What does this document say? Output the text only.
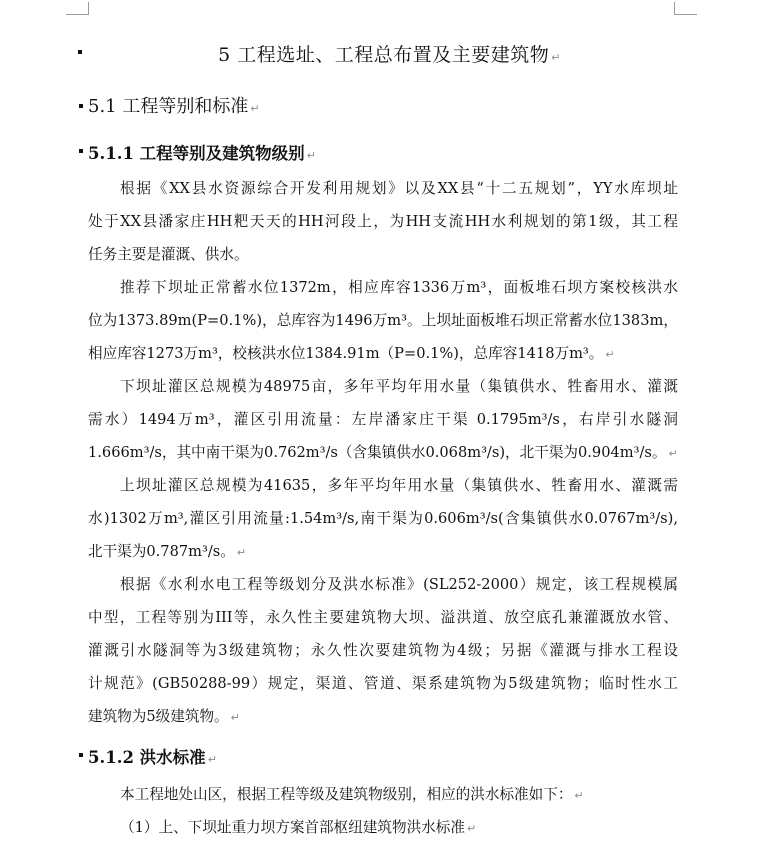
5 工程选址、工程总布置及主要建筑物 ↵
5.1 工程等别和标准 ↵
5.1.1 工程等别及建筑物级别 ↵
根据《XX县水资源综合开发利用规划》以及XX县“十二五规划”，YY水库坝址
处于XX县潘家庄HH粑天天的HH河段上，为HH支流HH水利规划的第1级，其工程
任务主要是灌溉、供水。
推荐下坝址正常蓄水位1372m，相应库容1336万m³，面板堆石坝方案校核洪水
位为1373.89m(P=0.1%)，总库容为1496万m³。上坝址面板堆石坝正常蓄水位1383m，
相应库容1273万m³，校核洪水位1384.91m（P=0.1%)，总库容1418万m³。 ↵
下坝址灌区总规模为48975亩，多年平均年用水量（集镇供水、牲畜用水、灌溉
需水）1494万m³，灌区引用流量：左岸潘家庄干渠 0.1795m³/s，右岸引水隧洞
1.666m³/s，其中南干渠为0.762m³/s（含集镇供水0.068m³/s)，北干渠为0.904m³/s。 ↵
上坝址灌区总规模为41635，多年平均年用水量（集镇供水、牲畜用水、灌溉需
水)1302万m³,灌区引用流量:1.54m³/s,南干渠为0.606m³/s(含集镇供水0.0767m³/s),
北干渠为0.787m³/s。 ↵
根据《水利水电工程等级划分及洪水标准》(SL252-2000）规定，该工程规模属
中型，工程等别为III等，永久性主要建筑物大坝、溢洪道、放空底孔兼灌溉放水管、
灌溉引水隧洞等为3级建筑物；永久性次要建筑物为4级；另据《灌溉与排水工程设
计规范》(GB50288-99）规定，渠道、管道、渠系建筑物为5级建筑物；临时性水工
建筑物为5级建筑物。 ↵
5.1.2 洪水标准 ↵
本工程地处山区，根据工程等级及建筑物级别，相应的洪水标准如下： ↵
（1）上、下坝址重力坝方案首部枢纽建筑物洪水标准 ↵
